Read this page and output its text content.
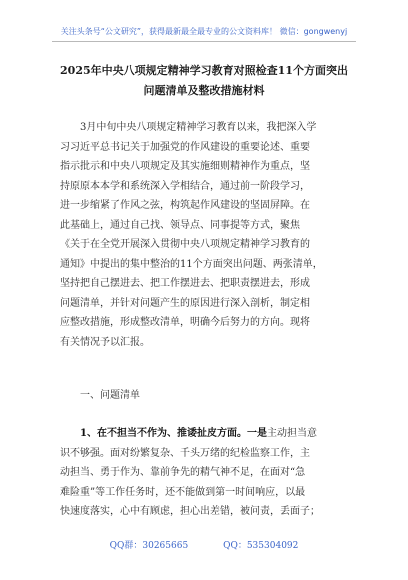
关注头条号“公文研究”，获得最新最全最专业的公文资料库！ 微信：gongwenyj
2025年中央八项规定精神学习教育对照检查11个方面突出
问题清单及整改措施材料
3月中旬中央八项规定精神学习教育以来，我把深入学
习习近平总书记关于加强党的作风建设的重要论述、重要
指示批示和中央八项规定及其实施细则精神作为重点，坚
持原原本本学和系统深入学相结合，通过前一阶段学习，
进一步缩紧了作风之弦，构筑起作风建设的坚固屏障。在
此基础上，通过自己找、领导点、同事提等方式，聚焦
《关于在全党开展深入贯彻中央八项规定精神学习教育的
通知》中提出的集中整治的11个方面突出问题、两张清单，
坚持把自己摆进去、把工作摆进去、把职责摆进去，形成
问题清单，并针对问题产生的原因进行深入剖析，制定相
应整改措施，形成整改清单，明确今后努力的方向。现将
有关情况予以汇报。
一、问题清单
1、在不担当不作为、推诿扯皮方面。一是主动担当意
识不够强。面对纷繁复杂、千头万绪的纪检监察工作，主
动担当、勇于作为、靠前争先的精气神不足，在面对“急
难险重”等工作任务时，还不能做到第一时间响应，以最
快速度落实，心中有顾虑，担心出差错，被问责，丢面子；
QQ群：30265665	QQ：535304092
